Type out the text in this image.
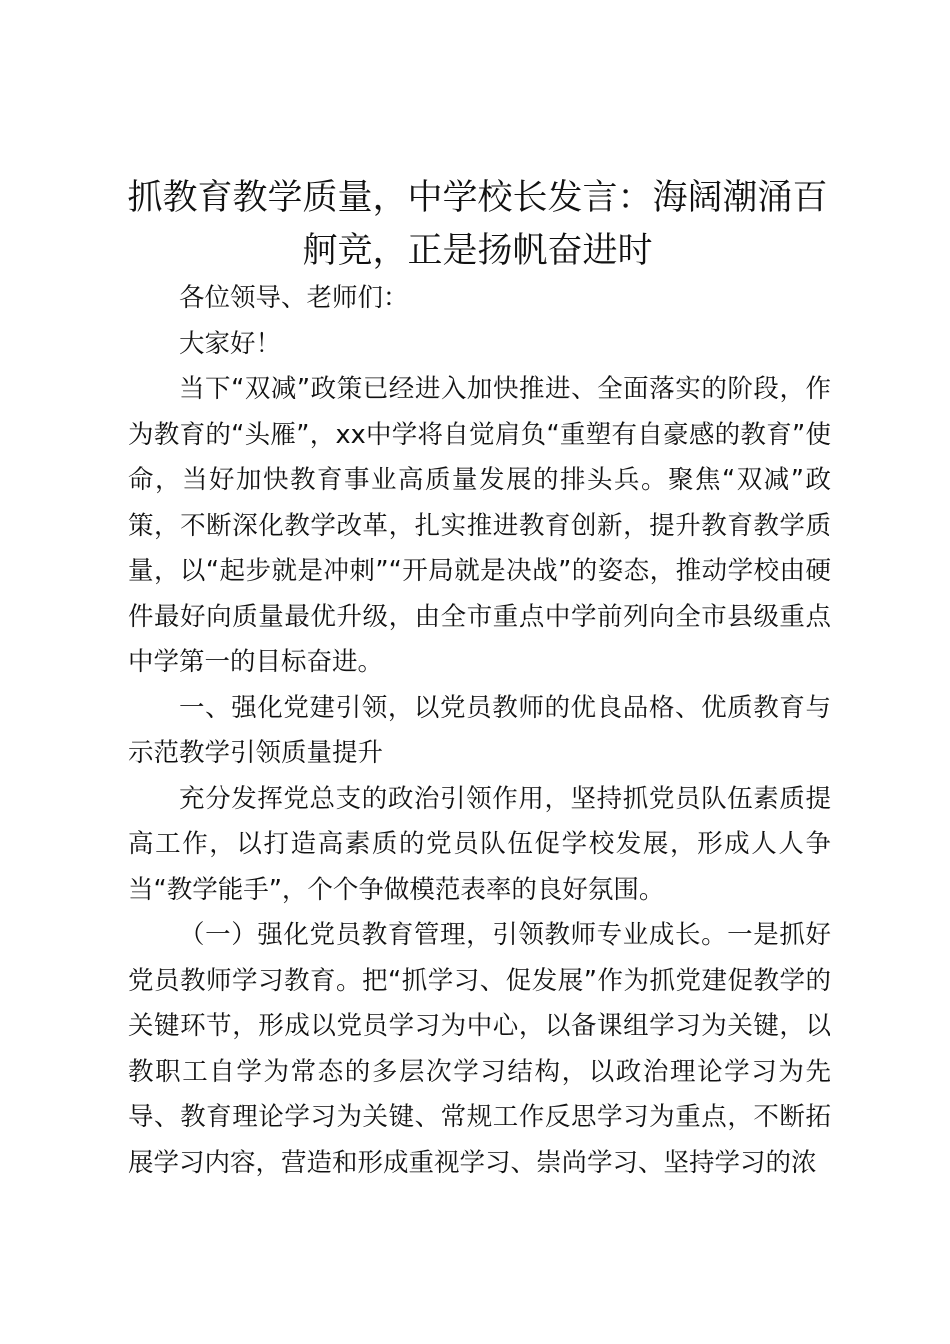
抓教育教学质量，中学校长发言：海阔潮涌百舸竞，正是扬帆奋进时

各位领导、老师们：

大家好！

当下“双减”政策已经进入加快推进、全面落实的阶段，作为教育的“头雁”，xx中学将自觉肩负“重塑有自豪感的教育”使命，当好加快教育事业高质量发展的排头兵。聚焦“双减”政策，不断深化教学改革，扎实推进教育创新，提升教育教学质量，以“起步就是冲刺”“开局就是决战”的姿态，推动学校由硬件最好向质量最优升级，由全市重点中学前列向全市县级重点中学第一的目标奋进。

一、强化党建引领，以党员教师的优良品格、优质教育与示范教学引领质量提升

充分发挥党总支的政治引领作用，坚持抓党员队伍素质提高工作，以打造高素质的党员队伍促学校发展，形成人人争当“教学能手”，个个争做模范表率的良好氛围。

（一）强化党员教育管理，引领教师专业成长。一是抓好党员教师学习教育。把“抓学习、促发展”作为抓党建促教学的关键环节，形成以党员学习为中心，以备课组学习为关键，以教职工自学为常态的多层次学习结构，以政治理论学习为先导、教育理论学习为关键、常规工作反思学习为重点，不断拓展学习内容，营造和形成重视学习、崇尚学习、坚持学习的浓
